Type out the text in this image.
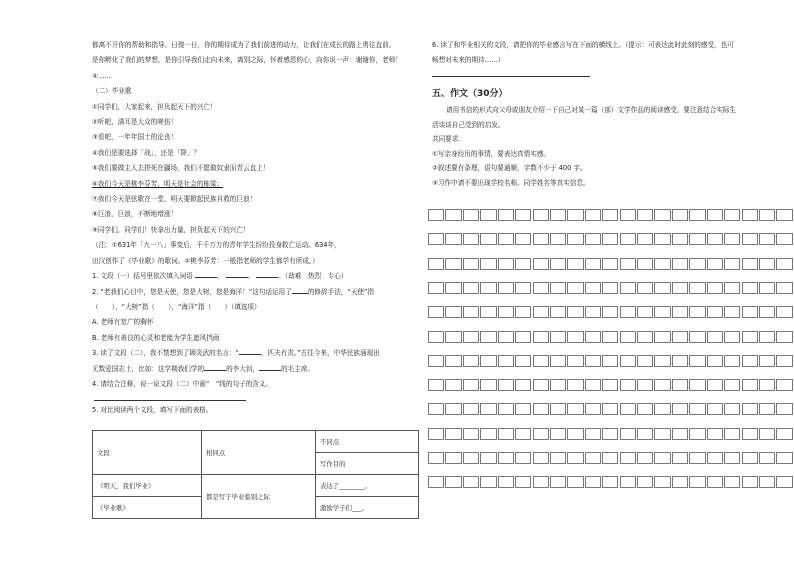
都离不开你的帮助和指导。日復一日，你的期待成为了我们前进的动力，让我们在成长的路上勇往直前。
是你孵化了我们的梦想，是你引导我们走向未来，离别之际，怀着感恩的心，向你说一声：谢谢你，老师！
④……
（二）毕业歌
①同学们，大家起来，担负起天下的兴亡！
②听吧，满耳是大众的嗟伤！
③看吧，一年年国土的沦丧！
④我们是要选择「战」，还是「降」？
⑤我们要做主人去拼死在疆场，我们不愿做奴隶而青云直上！
⑥我们今天是桃李芬芳，明天是社会的栋梁；
⑦我们今天是弦歌在一堂，明天要掀起民族自救的巨浪！
⑧巨浪，巨浪，不断地增涨！
⑨同学们，同学们！快拿出力量，担负起天下的兴亡！
（注：①631年「九一八」事变后，千千万万的青年学生纷纷投身救亡运动。634年，
田汉创作了《毕业歌》的歌词。②桃李芬芳：一般指老师的学生都学有所成。）
1. 文段（一）括号里依次填入词语	、	、	。（劫难　热烈　专心）
2. “老我们心目中，您是天使，您是大树，您是海洋！”这句话运用了 的修辞手法，“天使”指
（　　），“大树”指（　　），“海洋”指（　　）（填选项）
A. 老师有宽广的胸怀
B. 老师有善良的心灵和老能为学生遮风挡雨
3. 读了文段（二），我不禁想到了顾炎武的名言：“	，匹夫有责。”古往今来，中华民族涌现出
无数爱国志士，比如：这学期我们学的	的李大钊，	的毛主席。
4. 请结合注释，说一说文段（二）中画“　”线的句子的含义。
5. 对比阅读两个文段，填写下面的表格。
文段	相同点	不同点
		写作目的
《明天，我们毕业》	都是写于毕业临别之际	表达了________。
《毕业歌》		激励学子们___。
6. 读了和毕业相关的文段，请把你的毕业感言写在下面的横线上。（提示：可表达此时此刻的感受，也可
畅想对未来的期待……）
五、作文（30分）
请用书信的形式向父母或朋友介绍一下自己对某一篇（部）文学作品的阅读感受，要注意结合实际生
活谈谈自己受到的启发。
共同要求：
①写亲身经历的事情，要表达真情实感。
②叙述要有条理，语句要通顺，字数不少于 400 字。
③习作中请不要出现学校名称、同学姓名等真实信息。
